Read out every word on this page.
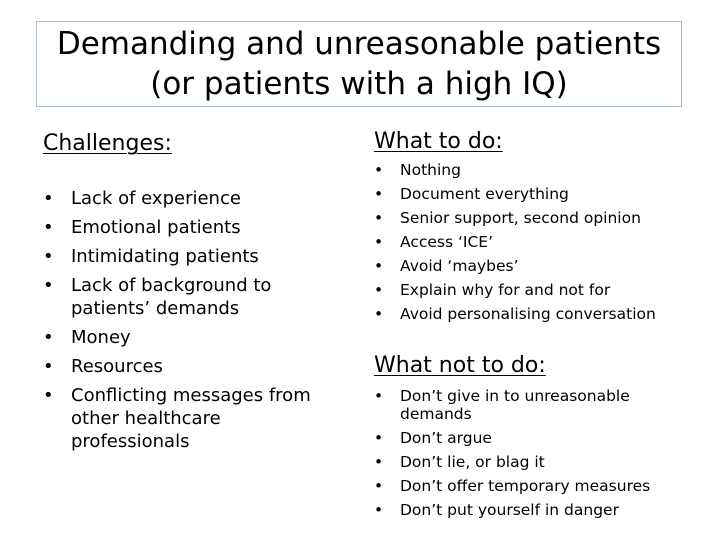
Demanding and unreasonable patients
(or patients with a high IQ)
Challenges:
• Lack of experience
• Emotional patients
• Intimidating patients
• Lack of background to
patients’ demands
• Money
• Resources
• Conflicting messages from
other healthcare
professionals
What to do:
• Nothing
• Document everything
• Senior support, second opinion
• Access ‘ICE’
• Avoid ‘maybes’
• Explain why for and not for
• Avoid personalising conversation
What not to do:
• Don’t give in to unreasonable
demands
• Don’t argue
• Don’t lie, or blag it
• Don’t offer temporary measures
• Don’t put yourself in danger
